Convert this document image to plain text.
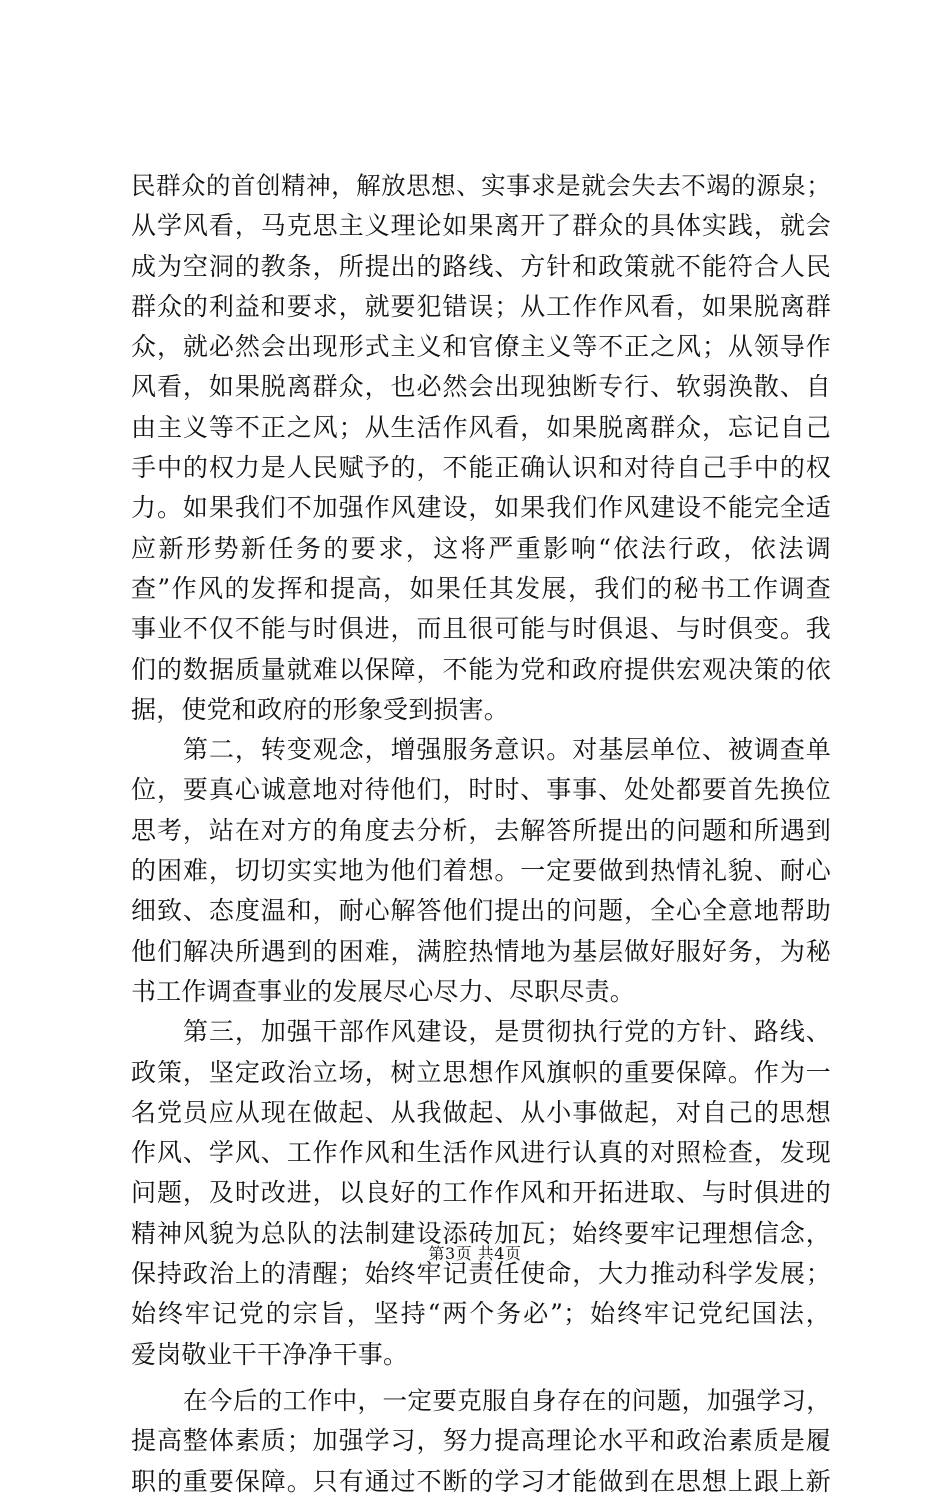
民群众的首创精神，解放思想、实事求是就会失去不竭的源泉；
从学风看，马克思主义理论如果离开了群众的具体实践，就会
成为空洞的教条，所提出的路线、方针和政策就不能符合人民
群众的利益和要求，就要犯错误；从工作作风看，如果脱离群
众，就必然会出现形式主义和官僚主义等不正之风；从领导作
风看，如果脱离群众，也必然会出现独断专行、软弱涣散、自
由主义等不正之风；从生活作风看，如果脱离群众，忘记自己
手中的权力是人民赋予的，不能正确认识和对待自己手中的权
力。如果我们不加强作风建设，如果我们作风建设不能完全适
应新形势新任务的要求，这将严重影响“依法行政，依法调
查”作风的发挥和提高，如果任其发展，我们的秘书工作调查
事业不仅不能与时俱进，而且很可能与时俱退、与时俱变。我
们的数据质量就难以保障，不能为党和政府提供宏观决策的依
据，使党和政府的形象受到损害。
第二，转变观念，增强服务意识。对基层单位、被调查单
位，要真心诚意地对待他们，时时、事事、处处都要首先换位
思考，站在对方的角度去分析，去解答所提出的问题和所遇到
的困难，切切实实地为他们着想。一定要做到热情礼貌、耐心
细致、态度温和，耐心解答他们提出的问题，全心全意地帮助
他们解决所遇到的困难，满腔热情地为基层做好服好务，为秘
书工作调查事业的发展尽心尽力、尽职尽责。
第三，加强干部作风建设，是贯彻执行党的方针、路线、
政策，坚定政治立场，树立思想作风旗帜的重要保障。作为一
名党员应从现在做起、从我做起、从小事做起，对自己的思想
作风、学风、工作作风和生活作风进行认真的对照检查，发现
问题，及时改进，以良好的工作作风和开拓进取、与时俱进的
精神风貌为总队的法制建设添砖加瓦；始终要牢记理想信念，
保持政治上的清醒；始终牢记责任使命，大力推动科学发展；
始终牢记党的宗旨，坚持“两个务必”；始终牢记党纪国法，
爱岗敬业干干净净干事。
在今后的工作中，一定要克服自身存在的问题，加强学习，
提高整体素质；加强学习，努力提高理论水平和政治素质是履
职的重要保障。只有通过不断的学习才能做到在思想上跟上新
第3页 共4页
